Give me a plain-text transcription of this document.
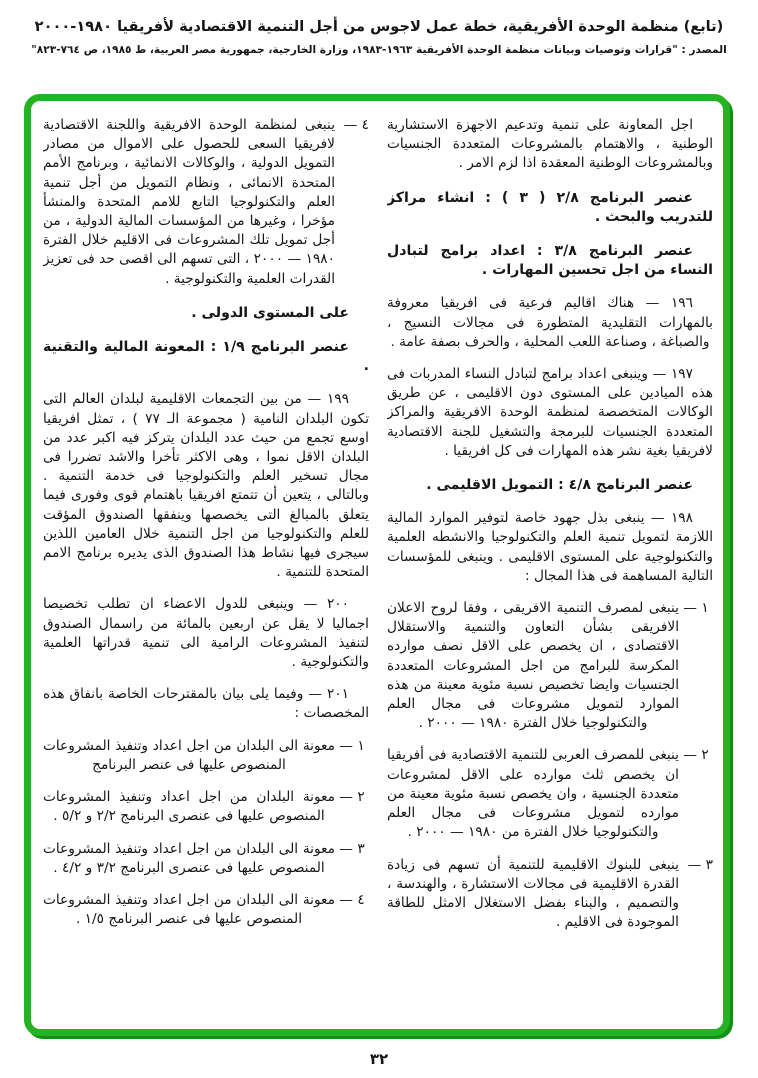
(تابع) منظمة الوحدة الأفريقية، خطة عمل لاجوس من أجل التنمية الاقتصادية لأفريقيا ١٩٨٠-٢٠٠٠
المصدر : "قرارات وتوصيات وبيانات منظمة الوحدة الأفريقية ١٩٦٣-١٩٨٣، وزارة الخارجية، جمهورية مصر العربية، ط ١٩٨٥، ص ٧٦٤-٨٢٣"

اجل المعاونة على تنمية وتدعيم الاجهزة الاستشارية الوطنية ، والاهتمام بالمشروعات المتعددة الجنسيات وبالمشروعات الوطنية المعقدة اذا لزم الامر .

عنصر البرنامج ٢/٨ ( ٣ ) : انشاء مراكز للتدريب والبحث .
عنصر البرنامج ٣/٨ : اعداد برامج لتبادل النساء من اجل تحسين المهارات .

١٩٦ — هناك اقاليم فرعية فى افريقيا معروفة بالمهارات التقليدية المتطورة فى مجالات النسيج ، والصباغة ، وصناعة اللعب المحلية ، والحرف بصفة عامة .

١٩٧ — وينبغى اعداد برامج لتبادل النساء المدربات فى هذه الميادين على المستوى دون الاقليمى ، عن طريق الوكالات المتخصصة لمنظمة الوحدة الافريقية والمراكز المتعددة الجنسيات للبرمجة والتشغيل للجنة الاقتصادية لافريقيا بغية نشر هذه المهارات فى كل افريقيا .

عنصر البرنامج ٤/٨ : التمويل الاقليمى .

١٩٨ — ينبغى بذل جهود خاصة لتوفير الموارد المالية اللازمة لتمويل تنمية العلم والتكنولوجيا والانشطه العلمية والتكنولوجية على المستوى الاقليمى . وينبغى للمؤسسات التالية المساهمة فى هذا المجال :

١ —
ينبغى لمصرف التنمية الافريقى ، وفقا لروح الاعلان الافريقى بشأن التعاون والتنمية والاستقلال الاقتصادى ، ان يخصص على الاقل نصف موارده المكرسة للبرامج من اجل المشروعات المتعددة الجنسيات وايضا تخصيص نسبة مئوية معينة من هذه الموارد لتمويل مشروعات فى مجال العلم والتكنولوجيا خلال الفترة ١٩٨٠ — ٢٠٠٠ .
٢ —
ينبغى للمصرف العربى للتنمية الاقتصادية فى أفريقيا ان يخصص ثلث موارده على الاقل لمشروعات متعددة الجنسية ، وان يخصص نسبة مئوية معينة من موارده لتمويل مشروعات فى مجال العلم والتكنولوجيا خلال الفترة من ١٩٨٠ — ٢٠٠٠ .
٣ —
ينبغى للبنوك الاقليمية للتنمية أن تسهم فى زيادة القدرة الاقليمية فى مجالات الاستشارة ، والهندسة ، والتصميم ، والبناء بفضل الاستغلال الامثل للطاقة الموجودة فى الاقليم .
٤ —
ينبغى لمنظمة الوحدة الافريقية واللجنة الاقتصادية لافريقيا السعى للحصول على الاموال من مصادر التمويل الدولية ، والوكالات الانمائية ، وبرنامج الأمم المتحدة الانمائى ، ونظام التمويل من أجل تنمية العلم والتكنولوجيا التابع للامم المتحدة والمنشأ مؤخرا ، وغيرها من المؤسسات المالية الدولية ، من أجل تمويل تلك المشروعات فى الاقليم خلال الفترة ١٩٨٠ — ٢٠٠٠ ، التى تسهم الى اقصى حد فى تعزيز القدرات العلمية والتكنولوجية .
على المستوى الدولى .
عنصر البرنامج ١/٩ : المعونة المالية والتقنية .

١٩٩ — من بين التجمعات الاقليمية لبلدان العالم التى تكون البلدان النامية ( مجموعة الـ ٧٧ ) ، تمثل افريقيا اوسع تجمع من حيث عدد البلدان يتركز فيه اكبر عدد من البلدان الاقل نموا ، وهى الاكثر تأخرا والاشد تضررا فى مجال تسخير العلم والتكنولوجيا فى خدمة التنمية . وبالتالى ، يتعين أن تتمتع افريقيا باهتمام قوى وفورى فيما يتعلق بالمبالغ التى يخصصها وينفقها الصندوق المؤقت للعلم والتكنولوجيا من اجل التنمية خلال العامين اللذين سيجرى فيها نشاط هذا الصندوق الذى يديره برنامج الامم المتحدة للتنمية .

٢٠٠ — وينبغى للدول الاعضاء ان تطلب تخصيصا اجماليا لا يقل عن اربعين بالمائة من راسمال الصندوق لتنفيذ المشروعات الرامية الى تنمية قدراتها العلمية والتكنولوجية .

٢٠١ — وفيما يلى بيان بالمقترحات الخاصة بانفاق هذه المخصصات :

١ —
معونة الى البلدان من اجل اعداد وتنفيذ المشروعات المنصوص عليها فى عنصر البرنامج
٢ —
معونة البلدان من اجل اعداد وتنفيذ المشروعات المنصوص عليها فى عنصرى البرنامج ٢/٢ و ٥/٢ .
٣ —
معونة الى البلدان من اجل اعداد وتنفيذ المشروعات المنصوص عليها فى عنصرى البرنامج ٣/٢ و ٤/٢ .
٤ —
معونة الى البلدان من اجل اعداد وتنفيذ المشروعات المنصوص عليها فى عنصر البرنامج ١/٥ .
٣٢
